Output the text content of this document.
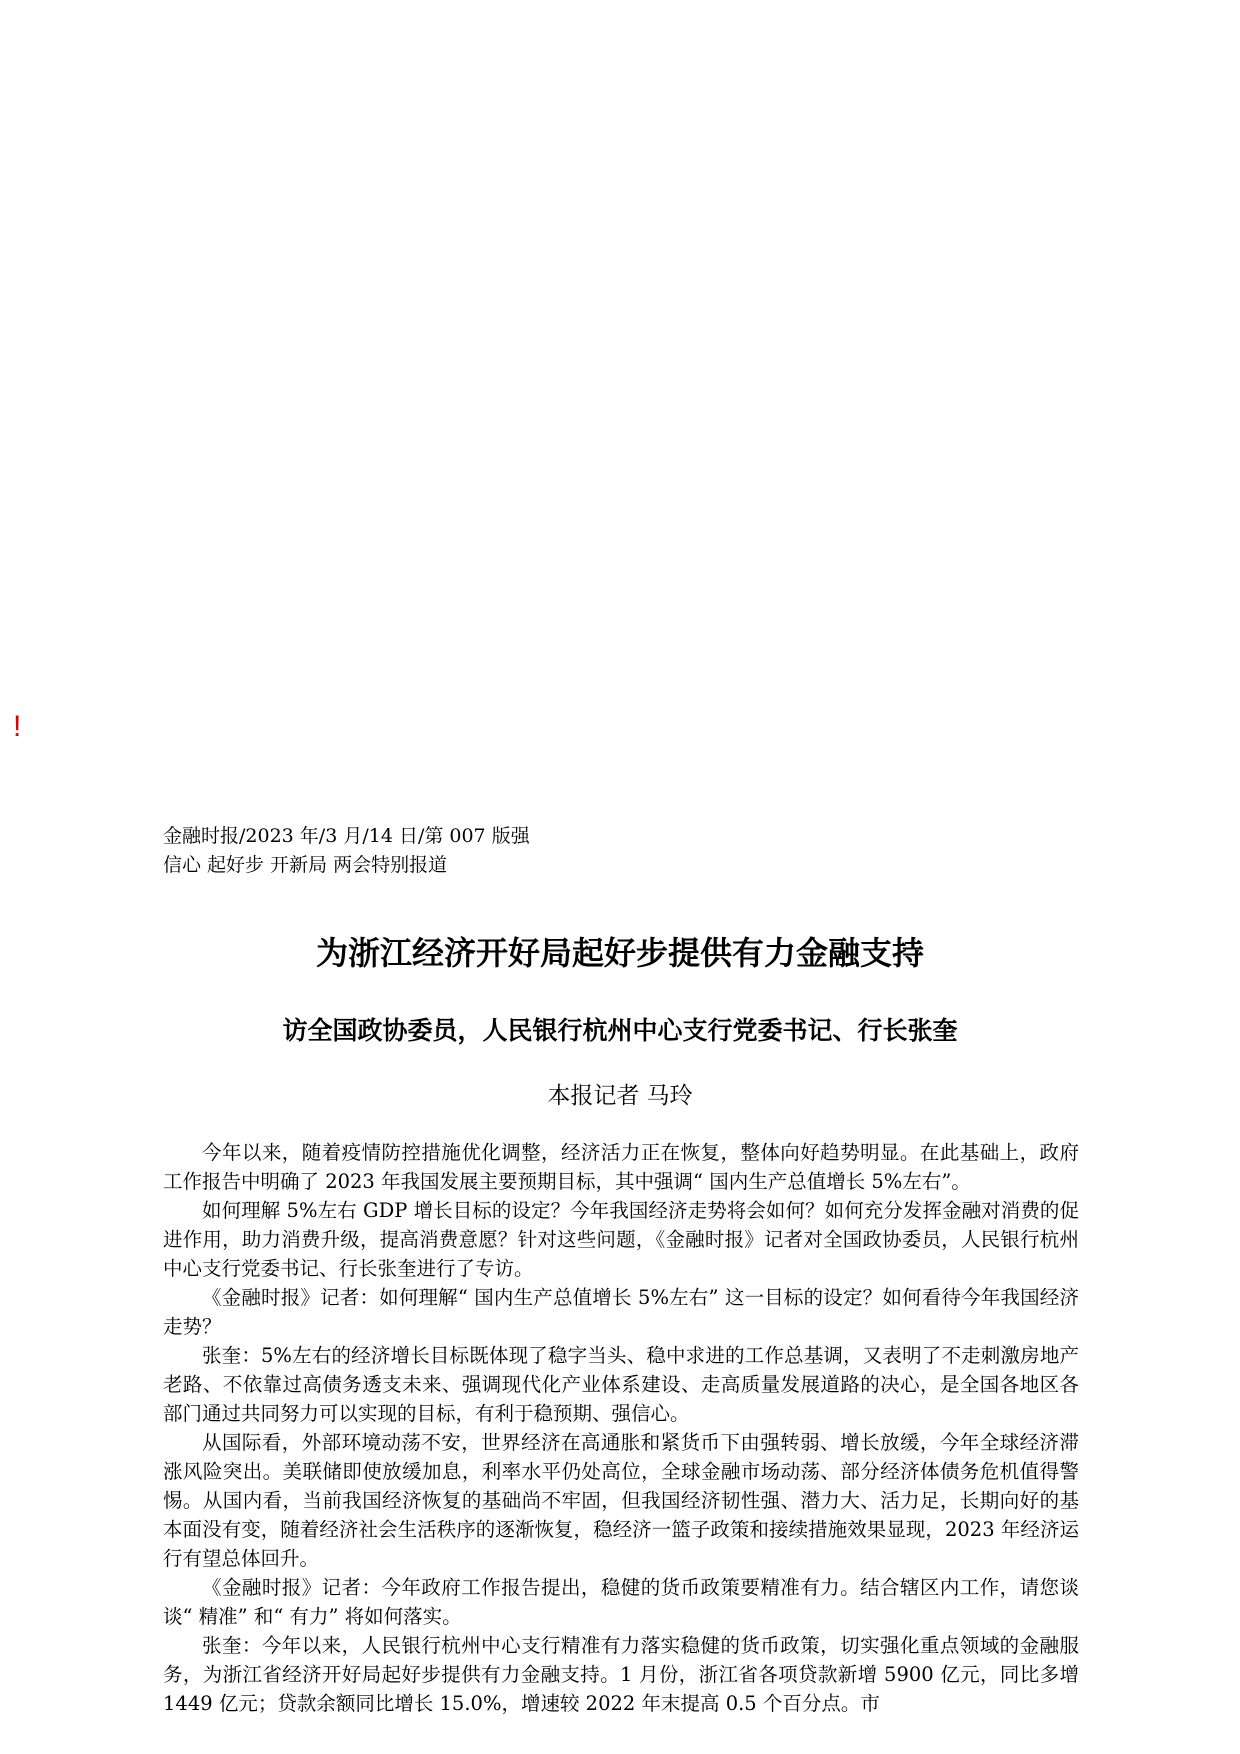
!
金融时报/2023 年/3 月/14 日/第 007 版强信心 起好步 开新局 两会特别报道
为浙江经济开好局起好步提供有力金融支持
访全国政协委员，人民银行杭州中心支行党委书记、行长张奎
本报记者 马玲

今年以来，随着疫情防控措施优化调整，经济活力正在恢复，整体向好趋势明显。在此基础上，政府工作报告中明确了 2023 年我国发展主要预期目标，其中强调“ 国内生产总值增长 5%左右”。

如何理解 5%左右 GDP 增长目标的设定？今年我国经济走势将会如何？如何充分发挥金融对消费的促进作用，助力消费升级，提高消费意愿？针对这些问题，《金融时报》记者对全国政协委员，人民银行杭州中心支行党委书记、行长张奎进行了专访。

《金融时报》记者：如何理解“ 国内生产总值增长 5%左右” 这一目标的设定？如何看待今年我国经济走势？

张奎：5%左右的经济增长目标既体现了稳字当头、稳中求进的工作总基调，又表明了不走刺激房地产老路、不依靠过高债务透支未来、强调现代化产业体系建设、走高质量发展道路的决心，是全国各地区各部门通过共同努力可以实现的目标，有利于稳预期、强信心。

从国际看，外部环境动荡不安，世界经济在高通胀和紧货币下由强转弱、增长放缓，今年全球经济滞涨风险突出。美联储即使放缓加息，利率水平仍处高位，全球金融市场动荡、部分经济体债务危机值得警惕。从国内看，当前我国经济恢复的基础尚不牢固，但我国经济韧性强、潜力大、活力足，长期向好的基本面没有变，随着经济社会生活秩序的逐渐恢复，稳经济一篮子政策和接续措施效果显现，2023 年经济运行有望总体回升。

《金融时报》记者：今年政府工作报告提出，稳健的货币政策要精准有力。结合辖区内工作，请您谈谈“ 精准” 和“ 有力” 将如何落实。

张奎：今年以来，人民银行杭州中心支行精准有力落实稳健的货币政策，切实强化重点领域的金融服务，为浙江省经济开好局起好步提供有力金融支持。1 月份，浙江省各项贷款新增 5900 亿元，同比多增 1449 亿元；贷款余额同比增长 15.0%，增速较 2022 年末提高 0.5 个百分点。市
